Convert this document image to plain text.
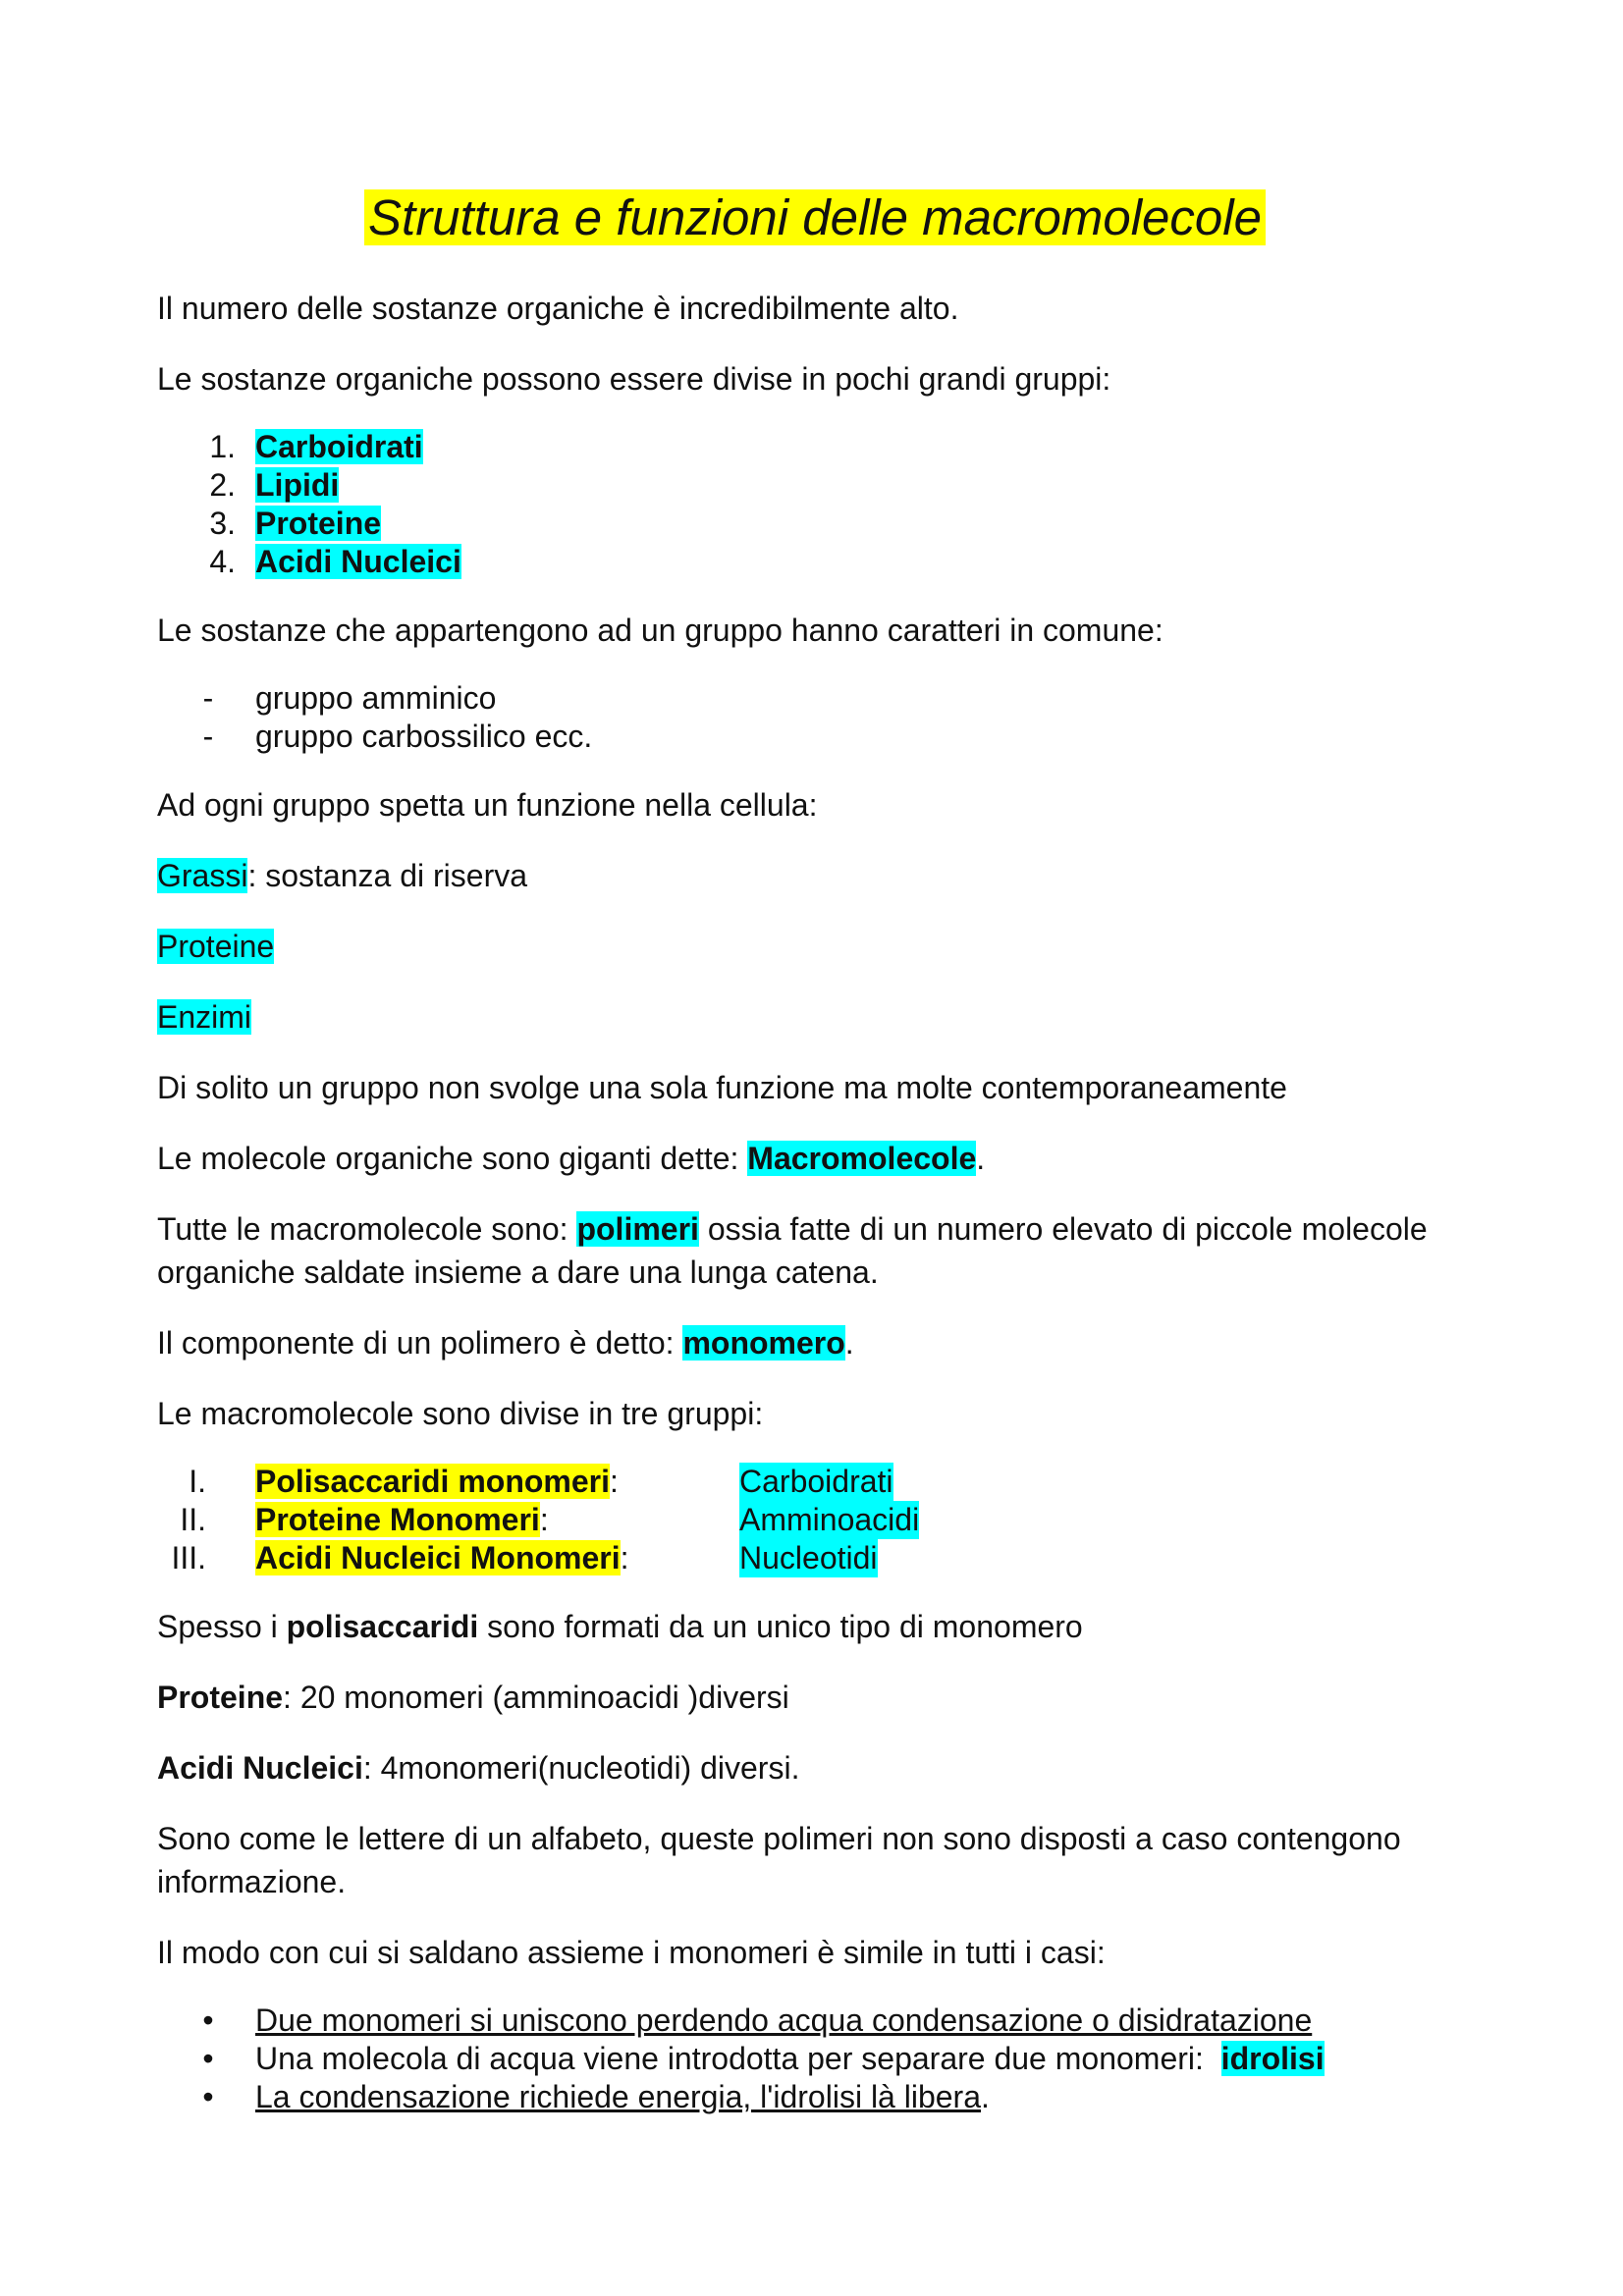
Struttura e funzioni delle macromolecole

Il numero delle sostanze organiche è incredibilmente alto.

Le sostanze organiche possono essere divise in pochi grandi gruppi:

1. Carboidrati
2. Lipidi
3. Proteine
4. Acidi Nucleici

Le sostanze che appartengono ad un gruppo hanno caratteri in comune:

- gruppo amminico
- gruppo carbossilico ecc.

Ad ogni gruppo spetta un funzione nella cellula:

Grassi: sostanza di riserva

Proteine

Enzimi

Di solito un gruppo non svolge una sola funzione ma molte contemporaneamente

Le molecole organiche sono giganti dette: Macromolecole.

Tutte le macromolecole sono: polimeri ossia fatte di un numero elevato di piccole molecole organiche saldate insieme a dare una lunga catena.

Il componente di un polimero è detto: monomero.

Le macromolecole sono divise in tre gruppi:

I. Polisaccaridi monomeri:	Carboidrati
II. Proteine Monomeri:	Amminoacidi
III. Acidi Nucleici Monomeri:	Nucleotidi

Spesso i polisaccaridi sono formati da un unico tipo di monomero

Proteine: 20 monomeri (amminoacidi )diversi

Acidi Nucleici: 4monomeri(nucleotidi) diversi.

Sono come le lettere di un alfabeto, queste polimeri non sono disposti a caso contengono informazione.

Il modo con cui si saldano assieme i monomeri è simile in tutti i casi:

• Due monomeri si uniscono perdendo acqua condensazione o disidratazione
• Una molecola di acqua viene introdotta per separare due monomeri:  idrolisi
• La condensazione richiede energia, l'idrolisi là libera.
